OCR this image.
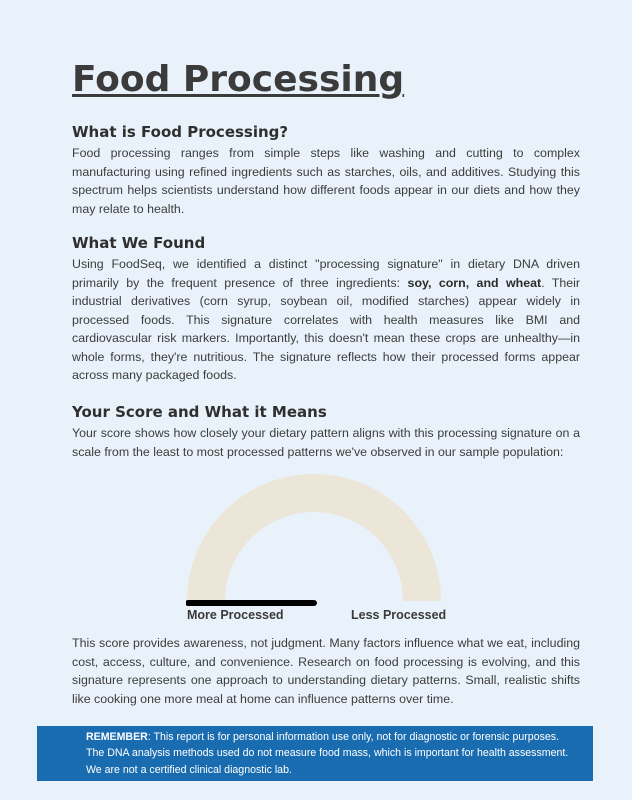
Food Processing
What is Food Processing?

Food processing ranges from simple steps like washing and cutting to complex manufacturing using refined ingredients such as starches, oils, and additives. Studying this spectrum helps scientists understand how different foods appear in our diets and how they may relate to health.

What We Found

Using FoodSeq, we identified a distinct "processing signature" in dietary DNA driven primarily by the frequent presence of three ingredients: soy, corn, and wheat. Their industrial derivatives (corn syrup, soybean oil, modified starches) appear widely in processed foods. This signature correlates with health measures like BMI and cardiovascular risk markers. Importantly, this doesn't mean these crops are unhealthy—in whole forms, they're nutritious. The signature reflects how their processed forms appear across many packaged foods.

Your Score and What it Means

Your score shows how closely your dietary pattern aligns with this processing signature on a scale from the least to most processed patterns we've observed in our sample population:

This score provides awareness, not judgment. Many factors influence what we eat, including cost, access, culture, and convenience. Research on food processing is evolving, and this signature represents one approach to understanding dietary patterns. Small, realistic shifts like cooking one more meal at home can influence patterns over time.

More Processed	Less Processed
REMEMBER: This report is for personal information use only, not for diagnostic or forensic purposes. The DNA analysis methods used do not measure food mass, which is important for health assessment. We are not a certified clinical diagnostic lab.
